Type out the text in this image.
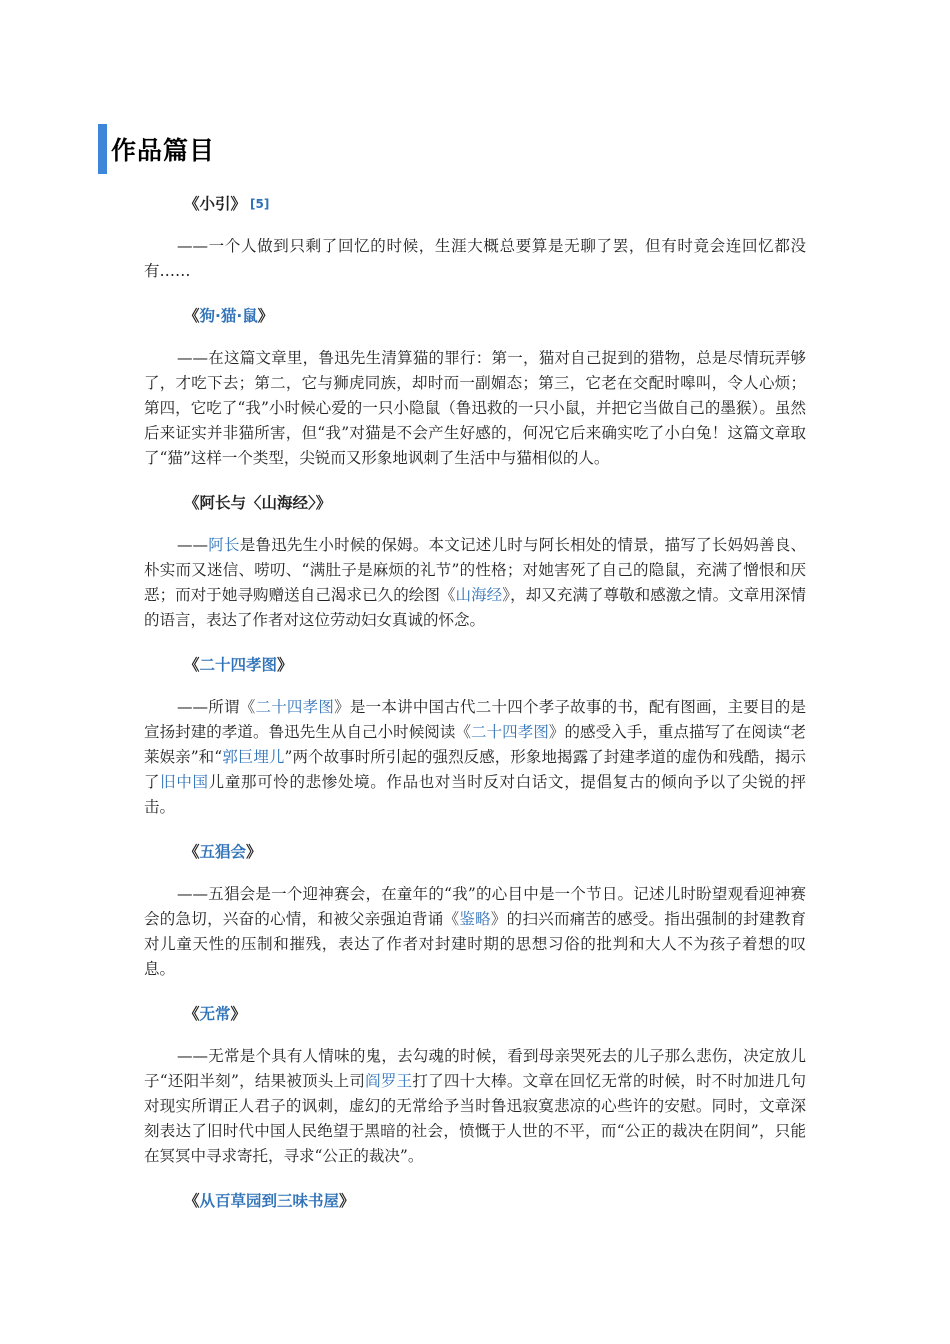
作品篇目
《小引》 [5]

——一个人做到只剩了回忆的时候，生涯大概总要算是无聊了罢，但有时竟会连回忆都没有……

《狗·猫·鼠》

——在这篇文章里，鲁迅先生清算猫的罪行：第一，猫对自己捉到的猎物，总是尽情玩弄够了，才吃下去；第二，它与狮虎同族，却时而一副媚态；第三，它老在交配时嗥叫，令人心烦；第四，它吃了“我”小时候心爱的一只小隐鼠（鲁迅救的一只小鼠，并把它当做自己的墨猴）。虽然后来证实并非猫所害，但“我”对猫是不会产生好感的，何况它后来确实吃了小白兔！这篇文章取了“猫”这样一个类型，尖锐而又形象地讽刺了生活中与猫相似的人。

《阿长与〈山海经〉》

——阿长是鲁迅先生小时候的保姆。本文记述儿时与阿长相处的情景，描写了长妈妈善良、朴实而又迷信、唠叨、“满肚子是麻烦的礼节”的性格；对她害死了自己的隐鼠，充满了憎恨和厌恶；而对于她寻购赠送自己渴求已久的绘图《山海经》，却又充满了尊敬和感激之情。文章用深情的语言，表达了作者对这位劳动妇女真诚的怀念。

《二十四孝图》

——所谓《二十四孝图》是一本讲中国古代二十四个孝子故事的书，配有图画，主要目的是宣扬封建的孝道。鲁迅先生从自己小时候阅读《二十四孝图》的感受入手，重点描写了在阅读“老莱娱亲”和“郭巨埋儿”两个故事时所引起的强烈反感，形象地揭露了封建孝道的虚伪和残酷，揭示了旧中国儿童那可怜的悲惨处境。作品也对当时反对白话文，提倡复古的倾向予以了尖锐的抨击。

《五猖会》

——五猖会是一个迎神赛会，在童年的“我”的心目中是一个节日。记述儿时盼望观看迎神赛会的急切，兴奋的心情，和被父亲强迫背诵《鉴略》的扫兴而痛苦的感受。指出强制的封建教育对儿童天性的压制和摧残，表达了作者对封建时期的思想习俗的批判和大人不为孩子着想的叹息。

《无常》

——无常是个具有人情味的鬼，去勾魂的时候，看到母亲哭死去的儿子那么悲伤，决定放儿子“还阳半刻”，结果被顶头上司阎罗王打了四十大棒。文章在回忆无常的时候，时不时加进几句对现实所谓正人君子的讽刺，虚幻的无常给予当时鲁迅寂寞悲凉的心些许的安慰。同时，文章深刻表达了旧时代中国人民绝望于黑暗的社会，愤慨于人世的不平，而“公正的裁决在阴间”，只能在冥冥中寻求寄托，寻求“公正的裁决”。

《从百草园到三味书屋》
